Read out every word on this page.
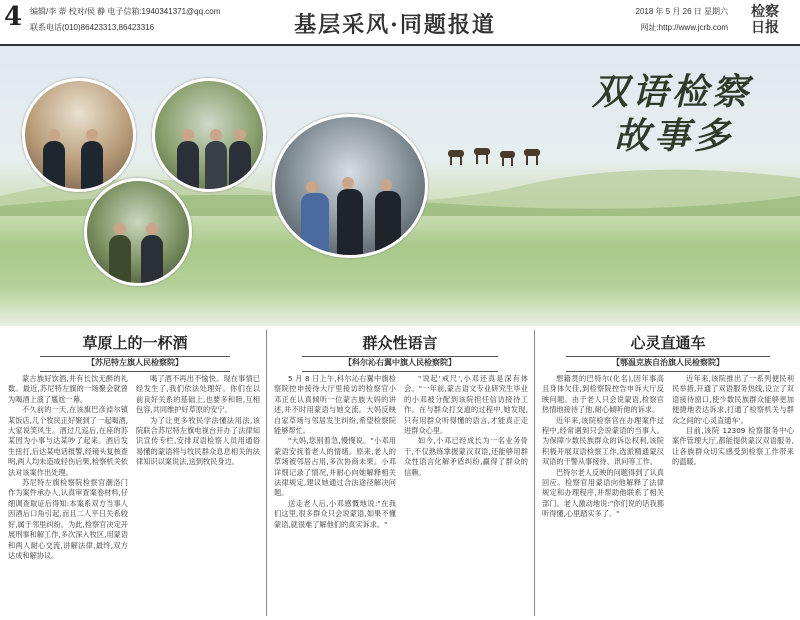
4 编辑/李 蒂 校对/侯 静 电子信箱:1940341371@qq.com
联系电话(010)86423313,86423316	基层采风·同题报道
2018 年 5 月 26 日 星期六
网址:http://www.jcrb.com
检察
日报
双语检察
故事多
草原上的一杯酒
【苏尼特左旗人民检察院】

蒙古族好饮酒,并有长饮无醉的礼数。最近,苏尼特左旗的一场聚会就曾为喝酒上演了尴尬一幕。

不久前的一天,在该旗巴彦淖尔镇某饭店,几个牧民正好聚到了一起喝酒,大家说笑风生。酒过几巡后,在座的苏某因为小事与达某吵了起来。酒后发生扭打,后达某电话报警,经镜头复核查明,两人均未造成轻伤后果,检察机关依法对该案作出处理。

苏尼特左旗检察院检察官潮洛门作为案件承办人,认真审查案卷材料,仔细调查取证后得知:本案系双方当事人因酒后口角引起,而且二人平日关系较好,属于邻里纠纷。为此,检察官决定开展刑事和解工作,多次深入牧区,用蒙语和两人耐心交流,讲解法律,最终,双方达成和解协议。

喝了酒不再出不愉快。现在事情已经发生了,我们依法处理好。你们在以前良好关系的基础上,也要多和睦,互相包容,共同维护好草原的安宁。

为了让更多牧民学法懂法用法,该院联合苏尼特左旗电视台开办了法律知识宣传专栏,安排双语检察人员用通俗易懂的蒙语将与牧民群众息息相关的法律知识以案说法,送到牧民身边。

群众性语言
【科尔沁右翼中旗人民检察院】

5 月 8 日上午,科尔沁右翼中旗检察院控申接待大厅里接访的检察官小邓正在认真倾听一位蒙古族大妈的讲述,并不时用蒙语与她交流。大妈反映自家草场与邻居发生纠纷,希望检察院能够帮忙。

"大妈,您别着急,慢慢说。"小邓用蒙语安抚着老人的情绪。原来,老人的草场被邻居占用,多次协商未果。小邓详细记录了情况,并耐心向她解释相关法律规定,建议她通过合法途径解决问题。

送走老人后,小邓感慨地说:"在我们这里,很多群众只会说蒙语,如果不懂蒙语,就很难了解他们的真实诉求。"

"说起'戒尺',小邓还真是深有体会。"一年前,蒙古语文专业研究生毕业的小邓被分配到该院担任信访接待工作。在与群众打交道的过程中,她发现,只有用群众听得懂的语言,才能真正走进群众心里。

如今,小邓已经成长为一名业务骨干,不仅熟练掌握蒙汉双语,还能够用群众性语言化解矛盾纠纷,赢得了群众的信赖。

心灵直通车
【鄂温克族自治旗人民检察院】

想籍贯的巴特尔(化名),因年事高且身体欠佳,到检察院控告申诉大厅反映问题。由于老人只会说蒙语,检察官热情地接待了他,耐心倾听他的诉求。

近年来,该院检察官在办理案件过程中,经常遇到只会说蒙语的当事人。为保障少数民族群众的诉讼权利,该院积极开展双语检察工作,选派精通蒙汉双语的干警从事接待、讯问等工作。

巴特尔老人反映的问题得到了认真回应。检察官用蒙语向他解释了法律规定和办理程序,并帮助他联系了相关部门。老人激动地说:"你们说的话我都听得懂,心里踏实多了。"

近年来,该院推出了一系列便民利民举措,开通了双语服务热线,设立了双语接待窗口,使少数民族群众能够更加便捷地表达诉求,打通了检察机关与群众之间的'心灵直通车'。

目前,该院 12309 检察服务中心案件管理大厅,都能提供蒙汉双语服务,让各族群众切实感受到检察工作带来的温暖。
